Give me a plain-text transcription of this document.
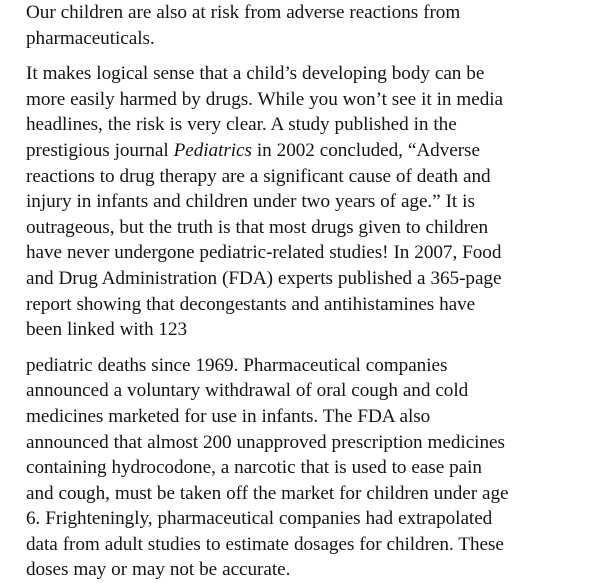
Our children are also at risk from adverse reactions from
pharmaceuticals.

It makes logical sense that a child’s developing body can be
more easily harmed by drugs. While you won’t see it in media
headlines, the risk is very clear. A study published in the
prestigious journal Pediatrics in 2002 concluded, “Adverse
reactions to drug therapy are a significant cause of death and
injury in infants and children under two years of age.” It is
outrageous, but the truth is that most drugs given to children
have never undergone pediatric-related studies! In 2007, Food
and Drug Administration (FDA) experts published a 365-page
report showing that decongestants and antihistamines have
been linked with 123

pediatric deaths since 1969. Pharmaceutical companies
announced a voluntary withdrawal of oral cough and cold
medicines marketed for use in infants. The FDA also
announced that almost 200 unapproved prescription medicines
containing hydrocodone, a narcotic that is used to ease pain
and cough, must be taken off the market for children under age
6. Frighteningly, pharmaceutical companies had extrapolated
data from adult studies to estimate dosages for children. These
doses may or may not be accurate.
